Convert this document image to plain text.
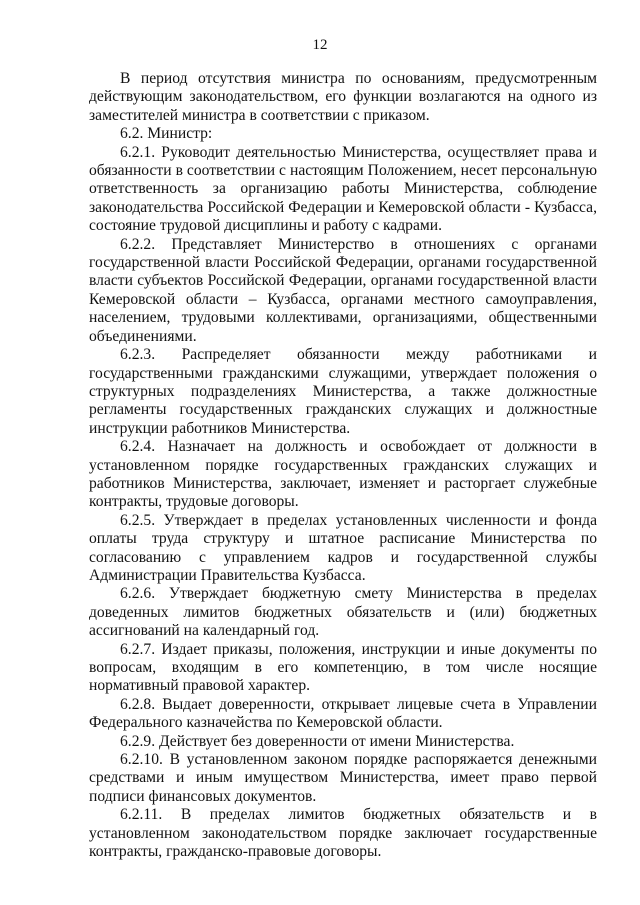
12

В период отсутствия министра по основаниям, предусмотренным действующим законодательством, его функции возлагаются на одного из заместителей министра в соответствии с приказом.

6.2. Министр:

6.2.1. Руководит деятельностью Министерства, осуществляет права и обязанности в соответствии с настоящим Положением, несет персональную ответственность за организацию работы Министерства, соблюдение законодательства Российской Федерации и Кемеровской области - Кузбасса, состояние трудовой дисциплины и работу с кадрами.

6.2.2. Представляет Министерство в отношениях с органами государственной власти Российской Федерации, органами государственной власти субъектов Российской Федерации, органами государственной власти Кемеровской области – Кузбасса, органами местного самоуправления, населением, трудовыми коллективами, организациями, общественными объединениями.

6.2.3. Распределяет обязанности между работниками и государственными гражданскими служащими, утверждает положения о структурных подразделениях Министерства, а также должностные регламенты государственных гражданских служащих и должностные инструкции работников Министерства.

6.2.4. Назначает на должность и освобождает от должности в установленном порядке государственных гражданских служащих и работников Министерства, заключает, изменяет и расторгает служебные контракты, трудовые договоры.

6.2.5. Утверждает в пределах установленных численности и фонда оплаты труда структуру и штатное расписание Министерства по согласованию с управлением кадров и государственной службы Администрации Правительства Кузбасса.

6.2.6. Утверждает бюджетную смету Министерства в пределах доведенных лимитов бюджетных обязательств и (или) бюджетных ассигнований на календарный год.

6.2.7. Издает приказы, положения, инструкции и иные документы по вопросам, входящим в его компетенцию, в том числе носящие нормативный правовой характер.

6.2.8. Выдает доверенности, открывает лицевые счета в Управлении Федерального казначейства по Кемеровской области.

6.2.9. Действует без доверенности от имени Министерства.

6.2.10. В установленном законом порядке распоряжается денежными средствами и иным имуществом Министерства, имеет право первой подписи финансовых документов.

6.2.11. В пределах лимитов бюджетных обязательств и в установленном законодательством порядке заключает государственные контракты, гражданско-правовые договоры.
